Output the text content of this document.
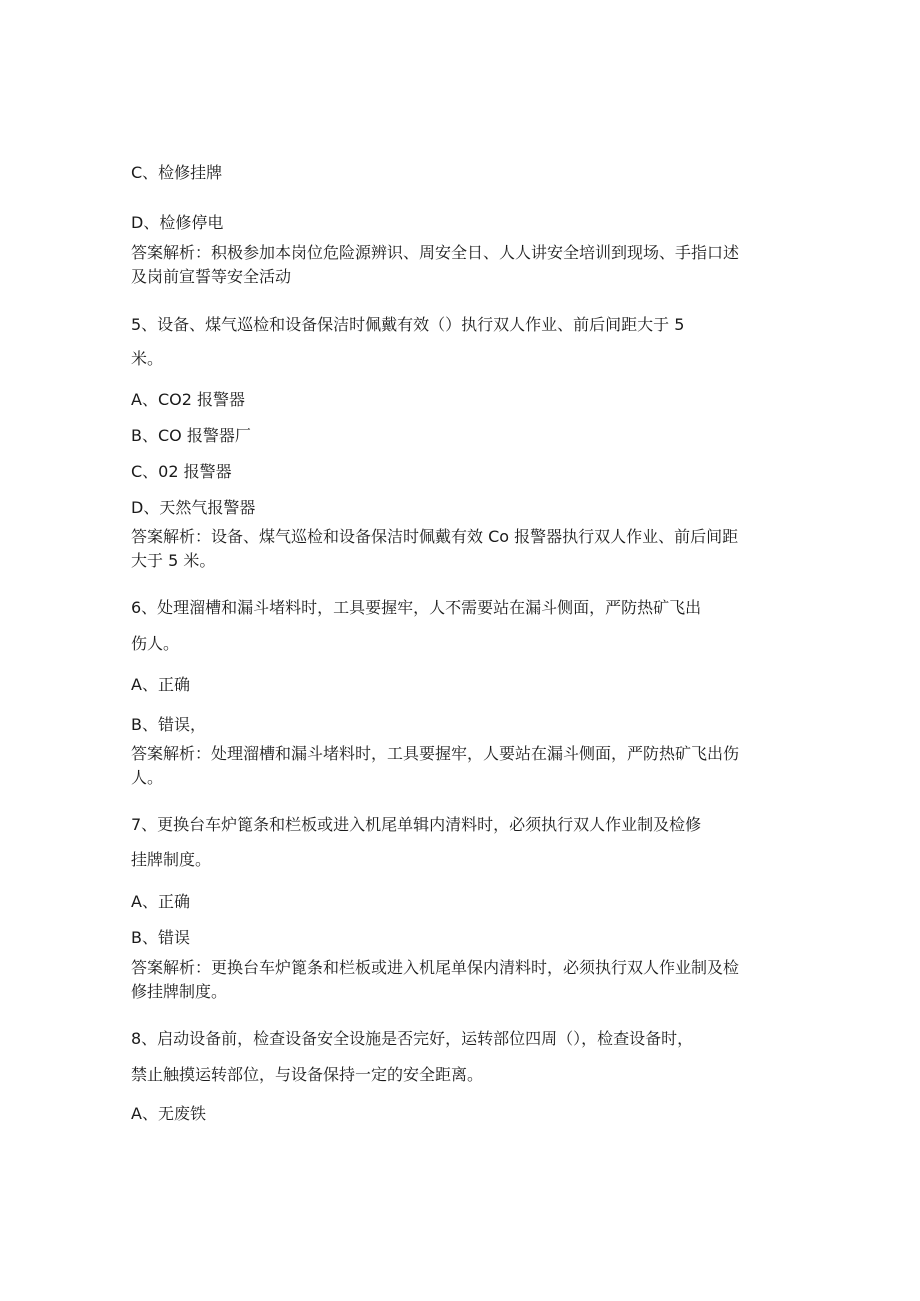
C、检修挂牌
D、检修停电
答案解析：积极参加本岗位危险源辨识、周安全日、人人讲安全培训到现场、手指口述
及岗前宣誓等安全活动
5、设备、煤气巡检和设备保洁时佩戴有效（）执行双人作业、前后间距大于 5
米。
A、CO2 报警器
B、CO 报警器厂
C、02 报警器
D、天然气报警器
答案解析：设备、煤气巡检和设备保洁时佩戴有效 Co 报警器执行双人作业、前后间距
大于 5 米。
6、处理溜槽和漏斗堵料时，工具要握牢，人不需要站在漏斗侧面，严防热矿飞出
伤人。
A、正确
B、错误，
答案解析：处理溜槽和漏斗堵料时，工具要握牢，人要站在漏斗侧面，严防热矿飞出伤
人。
7、更换台车炉篦条和栏板或进入机尾单辑内清料时，必须执行双人作业制及检修
挂牌制度。
A、正确
B、错误
答案解析：更换台车炉篦条和栏板或进入机尾单保内清料时，必须执行双人作业制及检
修挂牌制度。
8、启动设备前，检查设备安全设施是否完好，运转部位四周（），检查设备时，
禁止触摸运转部位，与设备保持一定的安全距离。
A、无废铁
